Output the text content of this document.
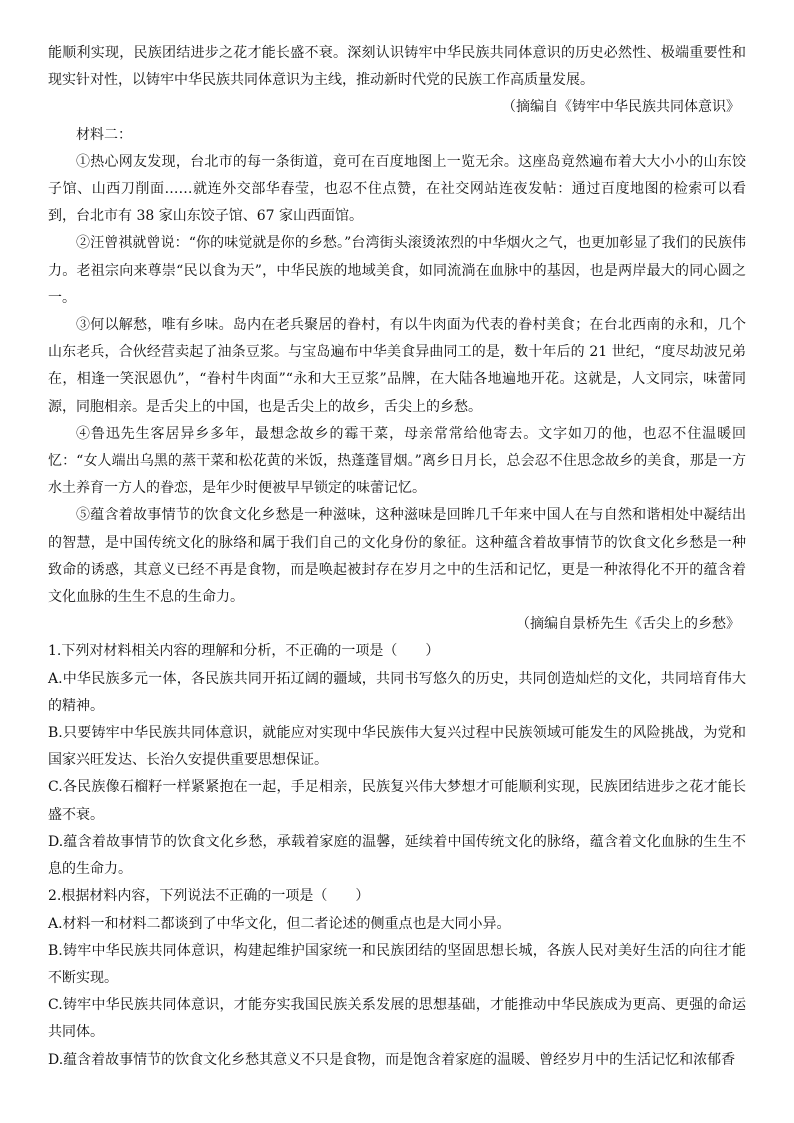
能顺利实现，民族团结进步之花才能长盛不衰。深刻认识铸牢中华民族共同体意识的历史必然性、极端重要性和现实针对性，以铸牢中华民族共同体意识为主线，推动新时代党的民族工作高质量发展。

（摘编自《铸牢中华民族共同体意识》

材料二：

①热心网友发现，台北市的每一条街道，竟可在百度地图上一览无余。这座岛竟然遍布着大大小小的山东饺子馆、山西刀削面……就连外交部华春莹，也忍不住点赞，在社交网站连夜发帖：通过百度地图的检索可以看到，台北市有 38 家山东饺子馆、67 家山西面馆。

②汪曾祺就曾说：“你的味觉就是你的乡愁。”台湾街头滚烫浓烈的中华烟火之气，也更加彰显了我们的民族伟力。老祖宗向来尊崇“民以食为天”，中华民族的地域美食，如同流淌在血脉中的基因，也是两岸最大的同心圆之一。

③何以解愁，唯有乡味。岛内在老兵聚居的眷村，有以牛肉面为代表的眷村美食；在台北西南的永和，几个山东老兵，合伙经营卖起了油条豆浆。与宝岛遍布中华美食异曲同工的是，数十年后的 21 世纪，“度尽劫波兄弟在，相逢一笑泯恩仇”，“眷村牛肉面”“永和大王豆浆”品牌，在大陆各地遍地开花。这就是，人文同宗，味蕾同源，同胞相亲。是舌尖上的中国，也是舌尖上的故乡，舌尖上的乡愁。

④鲁迅先生客居异乡多年，最想念故乡的霉干菜，母亲常常给他寄去。文字如刀的他，也忍不住温暖回忆：“女人端出乌黑的蒸干菜和松花黄的米饭，热蓬蓬冒烟。”离乡日月长，总会忍不住思念故乡的美食，那是一方水土养育一方人的眷恋，是年少时便被早早锁定的味蕾记忆。

⑤蕴含着故事情节的饮食文化乡愁是一种滋味，这种滋味是回眸几千年来中国人在与自然和谐相处中凝结出的智慧，是中国传统文化的脉络和属于我们自己的文化身份的象征。这种蕴含着故事情节的饮食文化乡愁是一种致命的诱惑，其意义已经不再是食物，而是唤起被封存在岁月之中的生活和记忆，更是一种浓得化不开的蕴含着文化血脉的生生不息的生命力。

（摘编自景桥先生《舌尖上的乡愁》

1.下列对材料相关内容的理解和分析，不正确的一项是（　　）

A.中华民族多元一体，各民族共同开拓辽阔的疆域，共同书写悠久的历史，共同创造灿烂的文化，共同培育伟大的精神。

B.只要铸牢中华民族共同体意识，就能应对实现中华民族伟大复兴过程中民族领域可能发生的风险挑战，为党和国家兴旺发达、长治久安提供重要思想保证。

C.各民族像石榴籽一样紧紧抱在一起，手足相亲，民族复兴伟大梦想才可能顺利实现，民族团结进步之花才能长盛不衰。

D.蕴含着故事情节的饮食文化乡愁，承载着家庭的温馨，延续着中国传统文化的脉络，蕴含着文化血脉的生生不息的生命力。

2.根据材料内容，下列说法不正确的一项是（　　）

A.材料一和材料二都谈到了中华文化，但二者论述的侧重点也是大同小异。

B.铸牢中华民族共同体意识，构建起维护国家统一和民族团结的坚固思想长城，各族人民对美好生活的向往才能不断实现。

C.铸牢中华民族共同体意识，才能夯实我国民族关系发展的思想基础，才能推动中华民族成为更高、更强的命运共同体。

D.蕴含着故事情节的饮食文化乡愁其意义不只是食物，而是饱含着家庭的温暖、曾经岁月中的生活记忆和浓郁香
